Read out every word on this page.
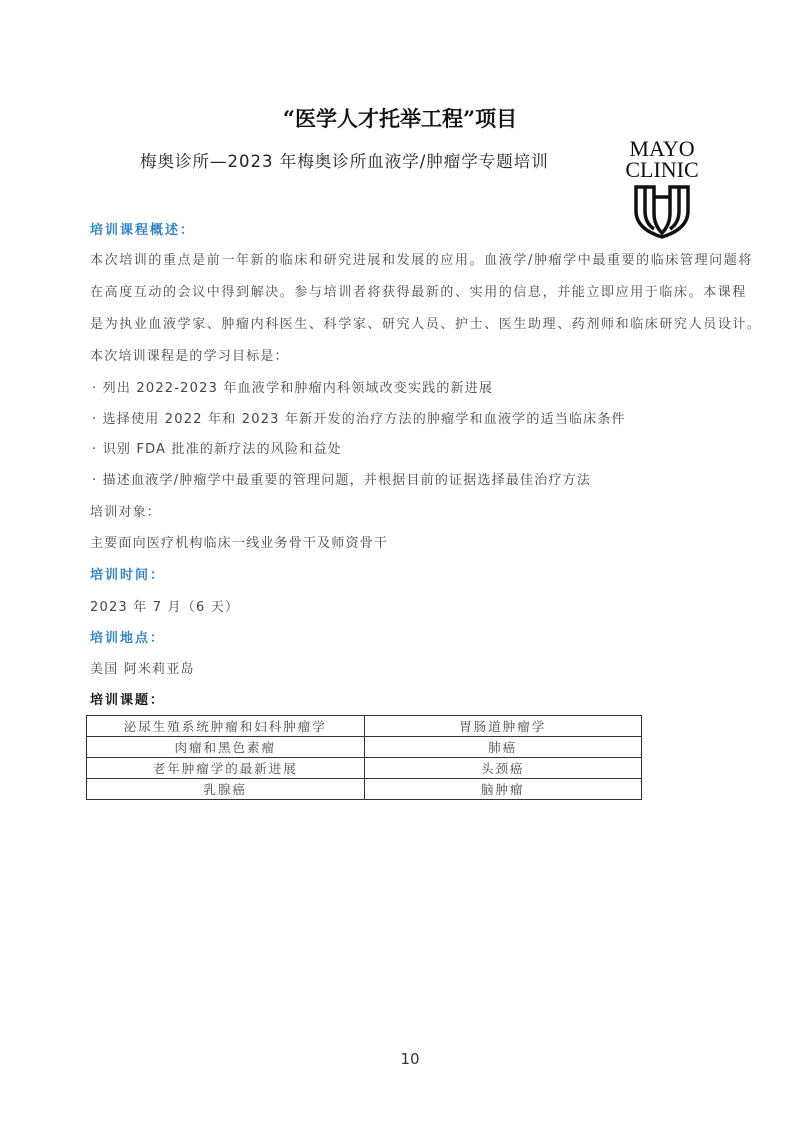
“医学人才托举工程”项目
梅奥诊所—2023 年梅奥诊所血液学/肿瘤学专题培训
MAYO
CLINIC
培训课程概述：
本次培训的重点是前一年新的临床和研究进展和发展的应用。血液学/肿瘤学中最重要的临床管理问题将
在高度互动的会议中得到解决。参与培训者将获得最新的、实用的信息，并能立即应用于临床。本课程
是为执业血液学家、肿瘤内科医生、科学家、研究人员、护士、医生助理、药剂师和临床研究人员设计。
本次培训课程是的学习目标是：
· 列出 2022-2023 年血液学和肿瘤内科领域改变实践的新进展
· 选择使用 2022 年和 2023 年新开发的治疗方法的肿瘤学和血液学的适当临床条件
· 识别 FDA 批准的新疗法的风险和益处
· 描述血液学/肿瘤学中最重要的管理问题，并根据目前的证据选择最佳治疗方法
培训对象：
主要面向医疗机构临床一线业务骨干及师资骨干
培训时间：
2023 年 7 月（6 天）
培训地点：
美国 阿米莉亚岛
培训课题：
泌尿生殖系统肿瘤和妇科肿瘤学	胃肠道肿瘤学
肉瘤和黑色素瘤	肺癌
老年肿瘤学的最新进展	头颈癌
乳腺癌	脑肿瘤
10
